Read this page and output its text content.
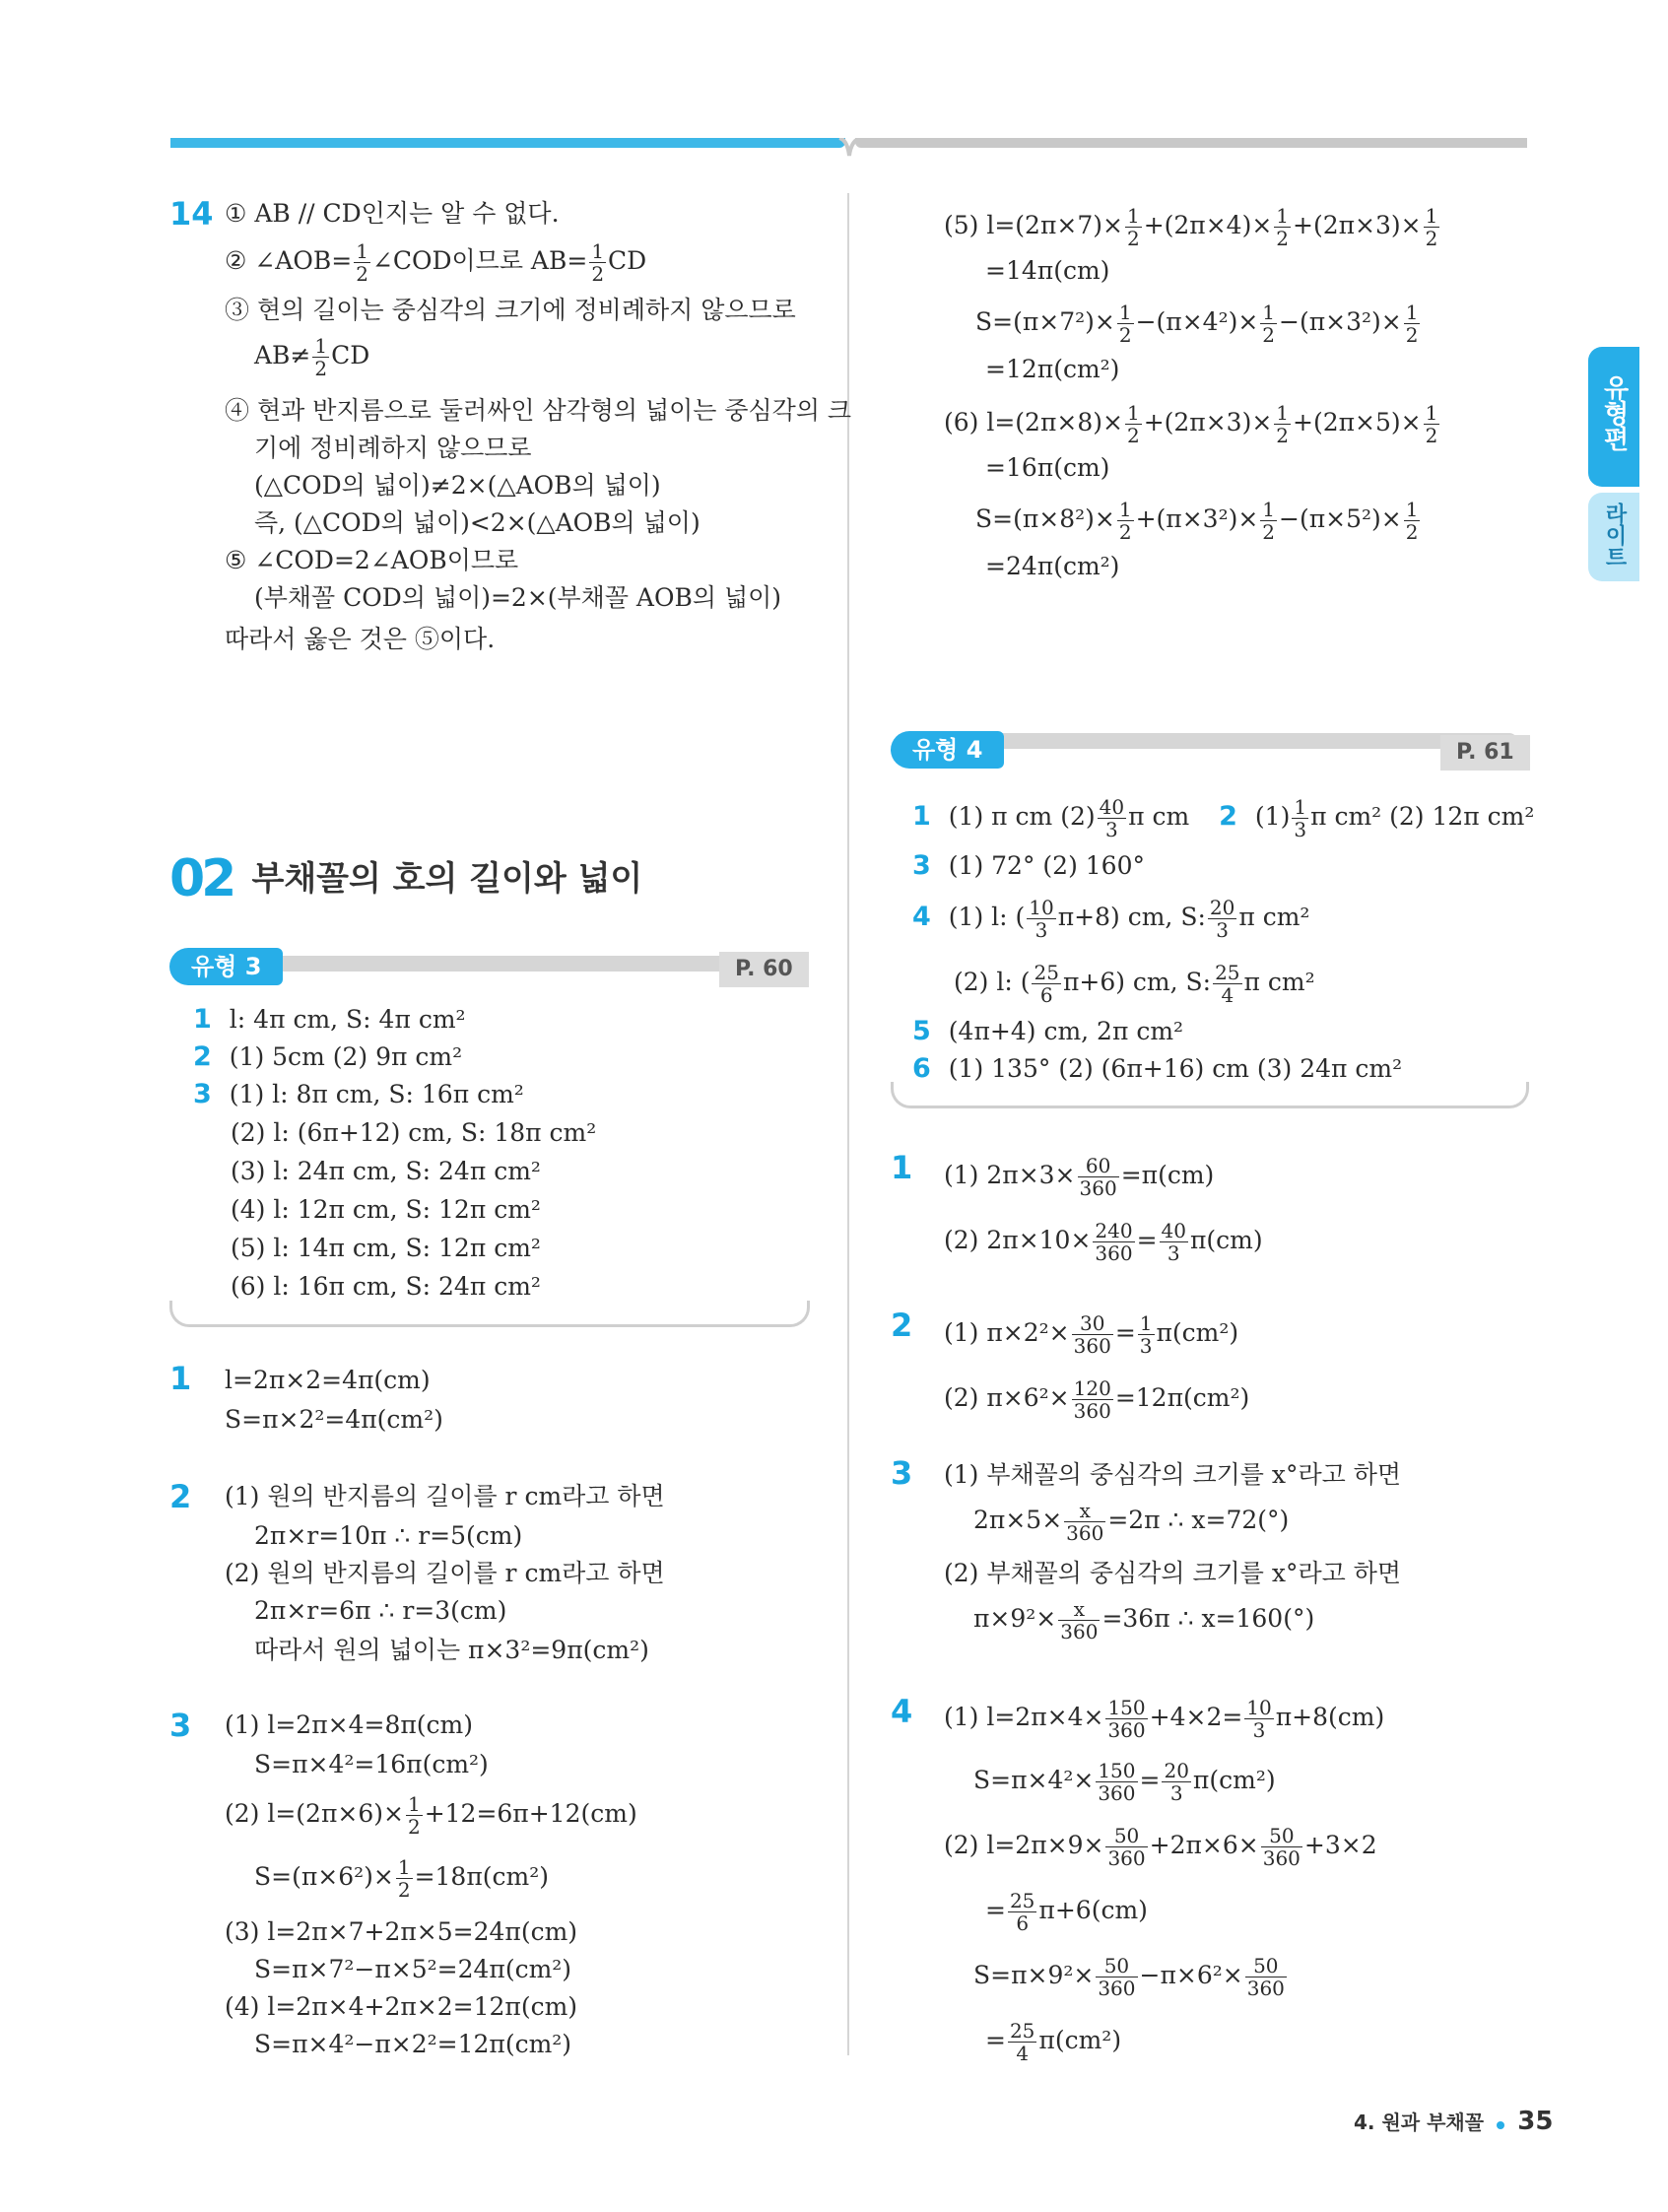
유형편
라이트
14 ① AB // CD인지는 알 수 없다.
② ∠AOB= $\frac{1}{2}$ ∠COD이므로 $AB= \frac{1}{2}$ CD
③ 현의 길이는 중심각의 크기에 정비례하지 않으므로
$AB\ne \frac{1}{2}$ CD
④ 현과 반지름으로 둘러싸인 삼각형의 넓이는 중심각의 크
기에 정비례하지 않으므로
(△COD의 넓이)≠2×(△AOB의 넓이)
즉, (△COD의 넓이)<2×(△AOB의 넓이)
⑤ ∠COD=2∠AOB이므로
(부채꼴 COD의 넓이)=2×(부채꼴 AOB의 넓이)
따라서 옳은 것은 ⑤이다.
02 부채꼴의 호의 길이와 넓이
유형 3	P. 60
1 l: 4π cm, S: 4π cm²
2 (1) 5cm (2) 9π cm²
3 (1) l: 8π cm, S: 16π cm²
(2) l: (6π+12) cm, S: 18π cm²
(3) l: 24π cm, S: 24π cm²
(4) l: 12π cm, S: 12π cm²
(5) l: 14π cm, S: 12π cm²
(6) l: 16π cm, S: 24π cm²
1 l=2π×2=4π(cm)
S=π×2²=4π(cm²)
2 (1) 원의 반지름의 길이를 r cm라고 하면
2π×r=10π ∴ r=5(cm)
(2) 원의 반지름의 길이를 r cm라고 하면
2π×r=6π ∴ r=3(cm)
따라서 원의 넓이는 π×3²=9π(cm²)
3 (1) l=2π×4=8π(cm)
S=π×4²=16π(cm²)
(2) $l=(2\pi\times 6)\times \frac{1}{2} +12=6\pi+12(cm)$
$S=(\pi\times 6^2)\times \frac{1}{2} =18\pi(cm^2)$
(3) l=2π×7+2π×5=24π(cm)
S=π×7²−π×5²=24π(cm²)
(4) l=2π×4+2π×2=12π(cm)
S=π×4²−π×2²=12π(cm²)
(5) $l=(2\pi\times 7)\times \frac{1}{2} +(2\pi\times 4)\times \frac{1}{2} +(2\pi\times 3)\times \frac{1}{2}$
=14π(cm)
$S=(\pi\times 7^2)\times \frac{1}{2} -(\pi\times 4^2)\times \frac{1}{2} -(\pi\times 3^2)\times \frac{1}{2}$
=12π(cm²)
(6) $l=(2\pi\times 8)\times \frac{1}{2} +(2\pi\times 3)\times \frac{1}{2} +(2\pi\times 5)\times \frac{1}{2}$
=16π(cm)
$S=(\pi\times 8^2)\times \frac{1}{2} +(\pi\times 3^2)\times \frac{1}{2} -(\pi\times 5^2)\times \frac{1}{2}$
=24π(cm²)
유형 4	P. 61
1 (1) π cm $(2) \frac{40}{3}$ π cm 2 $(1) \frac{1}{3}$ π cm² (2) 12π cm²
3 (1) 72° (2) 160°
4 (1) l: ( $\frac{10}{3} \pi+8$) cm, S: $\frac{20}{3}$ π cm²
(2) l: ( $\frac{25}{6} \pi+6$) cm, S: $\frac{25}{4}$ π cm²
5 (4π+4) cm, 2π cm²
6 (1) 135° (2) (6π+16) cm (3) 24π cm²
1 (1) $2\pi\times 3\times \frac{60}{360} =\pi(cm)$
(2) $2\pi\times 10\times \frac{240}{360} = \frac{40}{3} \pi(cm)$
2 (1) $\pi\times 2^2\times \frac{30}{360} = \frac{1}{3} \pi(cm^2)$
(2) $\pi\times 6^2\times \frac{120}{360} =12\pi(cm^2)$
3 (1) 부채꼴의 중심각의 크기를 x°라고 하면
$2\pi\times 5\times \frac{x}{360} =2\pi$ ∴ x=72(°)
(2) 부채꼴의 중심각의 크기를 x°라고 하면
$\pi\times 9^2\times \frac{x}{360} =36\pi$ ∴ x=160(°)
4 (1) $l=2\pi\times 4\times \frac{150}{360} +4\times 2= \frac{10}{3} \pi+8(cm)$
$S=\pi\times 4^2\times \frac{150}{360} = \frac{20}{3} \pi(cm^2)$
(2) $l=2\pi\times 9\times \frac{50}{360} +2\pi\times 6\times \frac{50}{360} +3\times 2$
= $\frac{25}{6} \pi+6(cm)$
$S=\pi\times 9^2\times \frac{50}{360} -\pi\times 6^2\times \frac{50}{360}$
= $\frac{25}{4} \pi(cm^2)$
4. 원과 부채꼴 35
